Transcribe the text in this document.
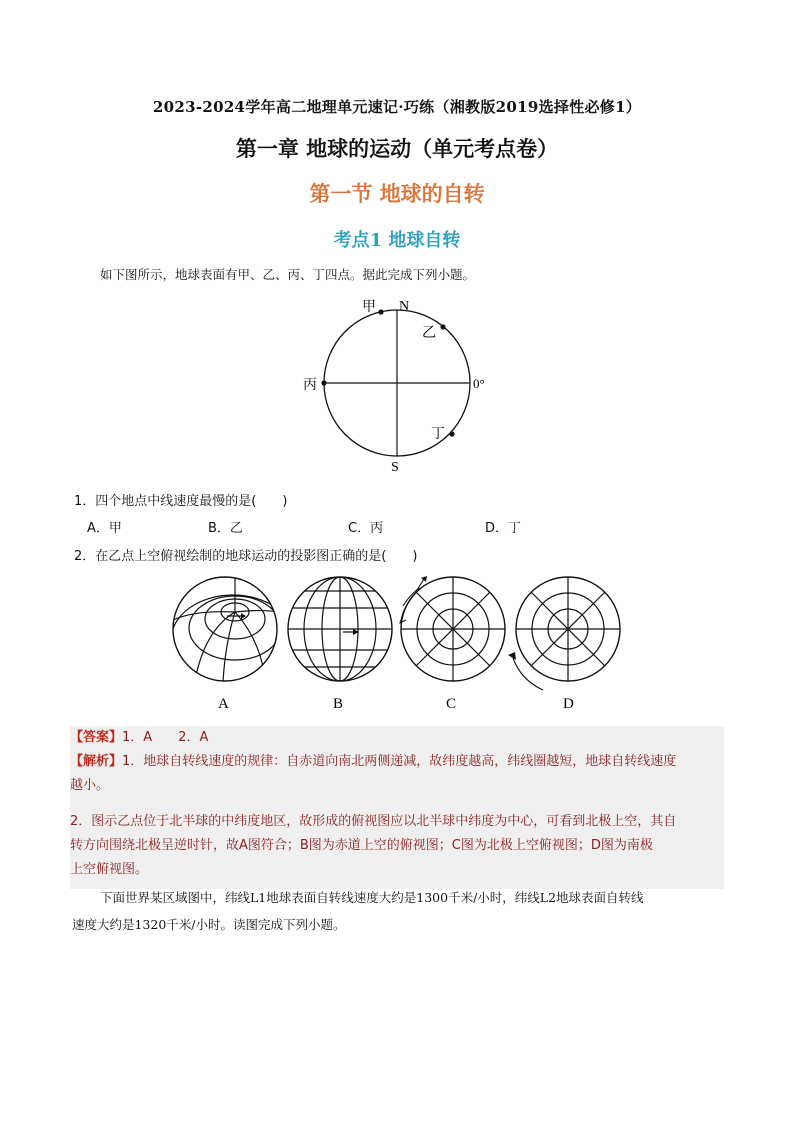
2023-2024学年高二地理单元速记·巧练（湘教版2019选择性必修1）
第一章 地球的运动（单元考点卷）
第一节 地球的自转
考点1 地球自转
如下图所示，地球表面有甲、乙、丙、丁四点。据此完成下列小题。
甲 N
乙
丙	0°
丁
S
1．四个地点中线速度最慢的是(　　)
A．甲	B．乙	C．丙	D．丁
2．在乙点上空俯视绘制的地球运动的投影图正确的是(　　)
A	B	C	D
【答案】1．A　　2．A
【解析】1．地球自转线速度的规律：自赤道向南北两侧递减，故纬度越高，纬线圈越短，地球自转线速度
越小。
2．图示乙点位于北半球的中纬度地区，故形成的俯视图应以北半球中纬度为中心，可看到北极上空，其自
转方向围绕北极呈逆时针，故A图符合；B图为赤道上空的俯视图；C图为北极上空俯视图；D图为南极
上空俯视图。
下面世界某区域图中，纬线L1地球表面自转线速度大约是1300千米/小时，纬线L2地球表面自转线
速度大约是1320千米/小时。读图完成下列小题。
